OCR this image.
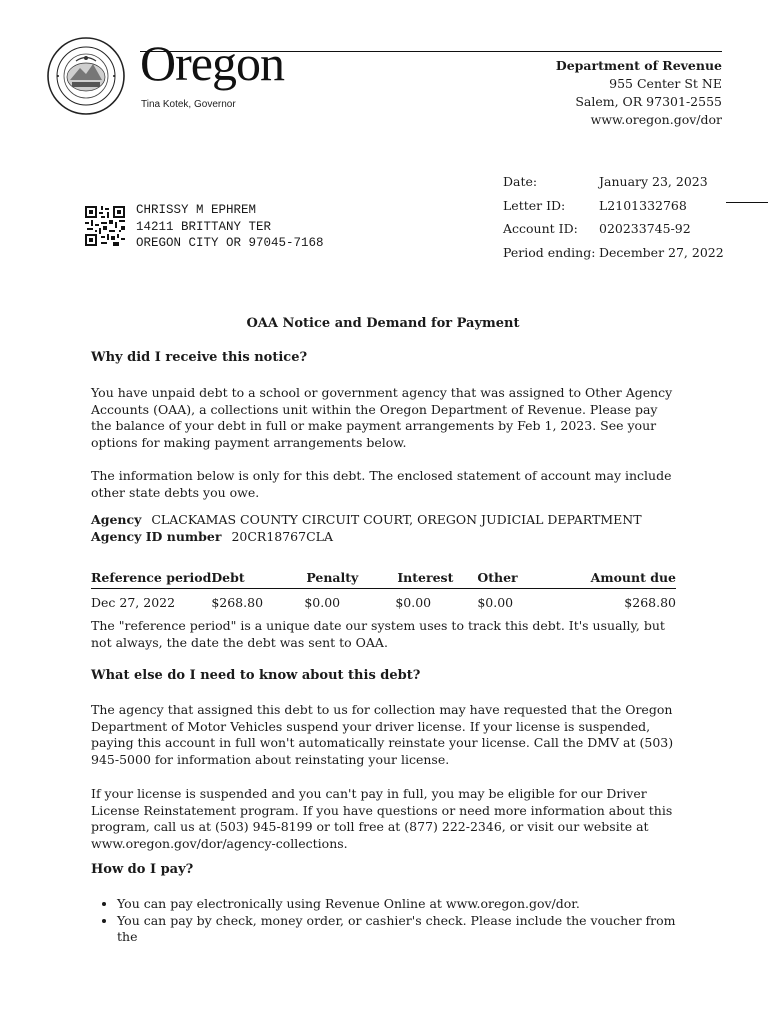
Oregon
Tina Kotek, Governor
Department of Revenue
955 Center St NE
Salem, OR 97301-2555
www.oregon.gov/dor
Date:	January 23, 2023
Letter ID:	L2101332768
Account ID:	020233745-92
Period ending: December 27, 2022
CHRISSY M EPHREM
14211 BRITTANY TER
OREGON CITY OR 97045-7168
OAA Notice and Demand for Payment
Why did I receive this notice?

You have unpaid debt to a school or government agency that was assigned to Other Agency Accounts (OAA), a collections unit within the Oregon Department of Revenue. Please pay the balance of your debt in full or make payment arrangements by Feb 1, 2023. See your options for making payment arrangements below.

The information below is only for this debt. The enclosed statement of account may include other state debts you owe.

Agency CLACKAMAS COUNTY CIRCUIT COURT, OREGON JUDICIAL DEPARTMENT
Agency ID number 20CR18767CLA
Reference period	Debt	Penalty	Interest	Other	Amount due
Dec 27, 2022	$268.80	$0.00	$0.00	$0.00	$268.80

The "reference period" is a unique date our system uses to track this debt. It's usually, but not always, the date the debt was sent to OAA.

What else do I need to know about this debt?

The agency that assigned this debt to us for collection may have requested that the Oregon Department of Motor Vehicles suspend your driver license. If your license is suspended, paying this account in full won't automatically reinstate your license. Call the DMV at (503) 945-5000 for information about reinstating your license.

If your license is suspended and you can't pay in full, you may be eligible for our Driver License Reinstatement program. If you have questions or need more information about this program, call us at (503) 945-8199 or toll free at (877) 222-2346, or visit our website at www.oregon.gov/dor/agency-collections.

How do I pay?
• You can pay electronically using Revenue Online at www.oregon.gov/dor.
• You can pay by check, money order, or cashier's check. Please include the voucher from the
